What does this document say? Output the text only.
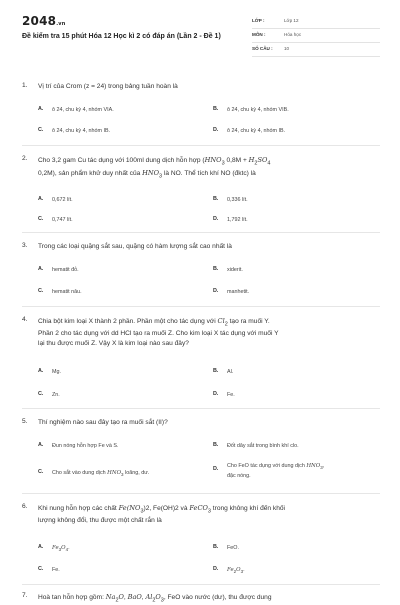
2048.vn
Đề kiểm tra 15 phút Hóa 12 Học kì 2 có đáp án (Lần 2 - Đề 1)
LỚP :	Lớp 12
MÔN :	Hóa học
SỐ CÂU : 10
1. Vị trí của Crom (z = 24) trong bảng tuần hoàn là
A. ô 24, chu kỳ 4, nhóm VIA.	B. ô 24, chu kỳ 4, nhóm VIB.
C. ô 24, chu kỳ 4, nhóm IB.	D. ô 24, chu kỳ 4, nhóm IB.
2. Cho 3,2 gam Cu tác dụng với 100ml dung dịch hỗn hợp ($HNO_3$ $0,8M + H_2SO_4$
0,2M), sản phẩm khử duy nhất của $HNO_3$ là NO. Thể tích khí NO (đktc) là
A. 0,672 lít.	B. 0,336 lít.
C. 0,747 lít.	D. 1,792 lít.
3. Trong các loại quặng sắt sau, quặng có hàm lượng sắt cao nhất là
A. hematit đỏ.	B. xiderit.
C. hematit nâu.	D. manhetit.
4. Chia bột kim loại X thành 2 phần. Phần một cho tác dụng với $Cl_2$ tạo ra muối Y.
Phần 2 cho tác dụng với dd HCl tạo ra muối Z. Cho kim loại X tác dụng với muối Y
lại thu được muối Z. Vậy X là kim loại nào sau đây?
A. Mg.	B. Al.
C. Zn.	D. Fe.
5. Thí nghiệm nào sau đây tạo ra muối sắt (II)?
A. Đun nóng hỗn hợp Fe và S.	B. Đốt dây sắt trong bình khí clo.
C. Cho sắt vào dung dịch $HNO_3$ loãng, dư.
D. Cho FeO tác dụng với dung dịch $HNO_3$,
đặc nóng.
6. Khi nung hỗn hợp các chất $Fe(NO_3)2$, Fe(OH)2 và FeCO$_3$ trong không khí đến khối
lượng không đổi, thu được một chất rắn là
A. $Fe_3O_4$.	B. FeO.
C. Fe.	D. $Fe_2O_3$.
7. Hoà tan hỗn hợp gồm: $Na_2O$, BaO, $Al_2O_3$, FeO vào nước (dư), thu được dung
